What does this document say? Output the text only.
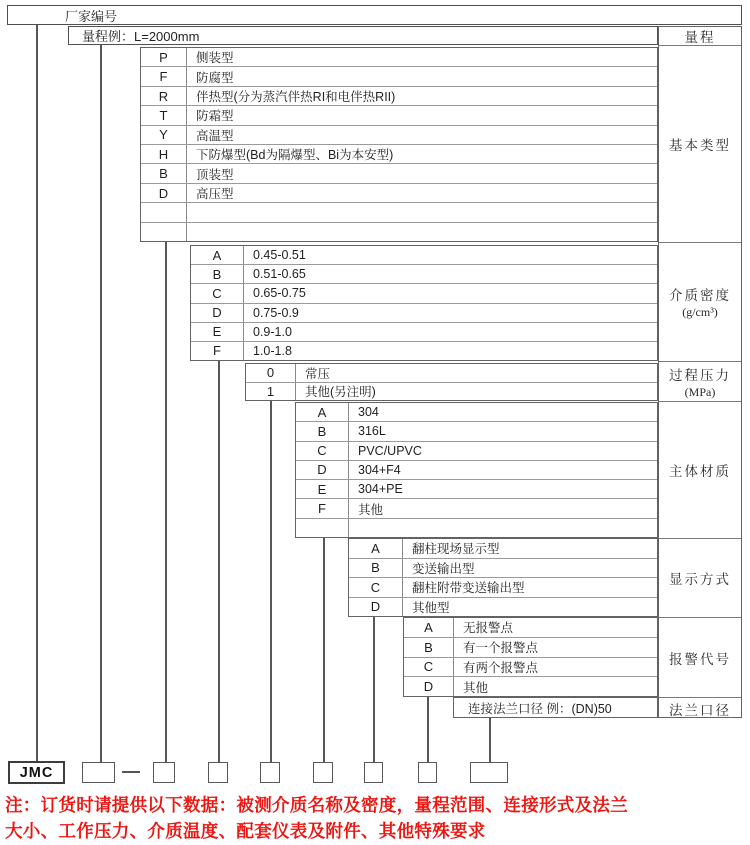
厂家编号
量程例：L=2000mm
P 侧装型
F 防腐型
R 伴热型(分为蒸汽伴热RI和电伴热RII)
T 防霜型
Y 高温型
H 下防爆型(Bd为隔爆型、Bi为本安型)
B 顶装型
D 高压型
A	0.45-0.51
B	0.51-0.65
C	0.65-0.75
D	0.75-0.9
E	0.9-1.0
F	1.0-1.8
0 常压
1 其他(另注明)
A	304
B	316L
C	PVC/UPVC
D	304+F4
E	304+PE
F	其他
A	翻柱现场显示型
B	变送输出型
C	翻柱附带变送输出型
D	其他型
A 无报警点
B 有一个报警点
C 有两个报警点
D 其他
连接法兰口径 例：(DN)50
量程
基本类型
介质密度
(g/cm³)
过程压力
(MPa)
主体材质
显示方式
报警代号
法兰口径
JMC
注：订货时请提供以下数据：被测介质名称及密度，量程范围、连接形式及法兰
大小、工作压力、介质温度、配套仪表及附件、其他特殊要求
